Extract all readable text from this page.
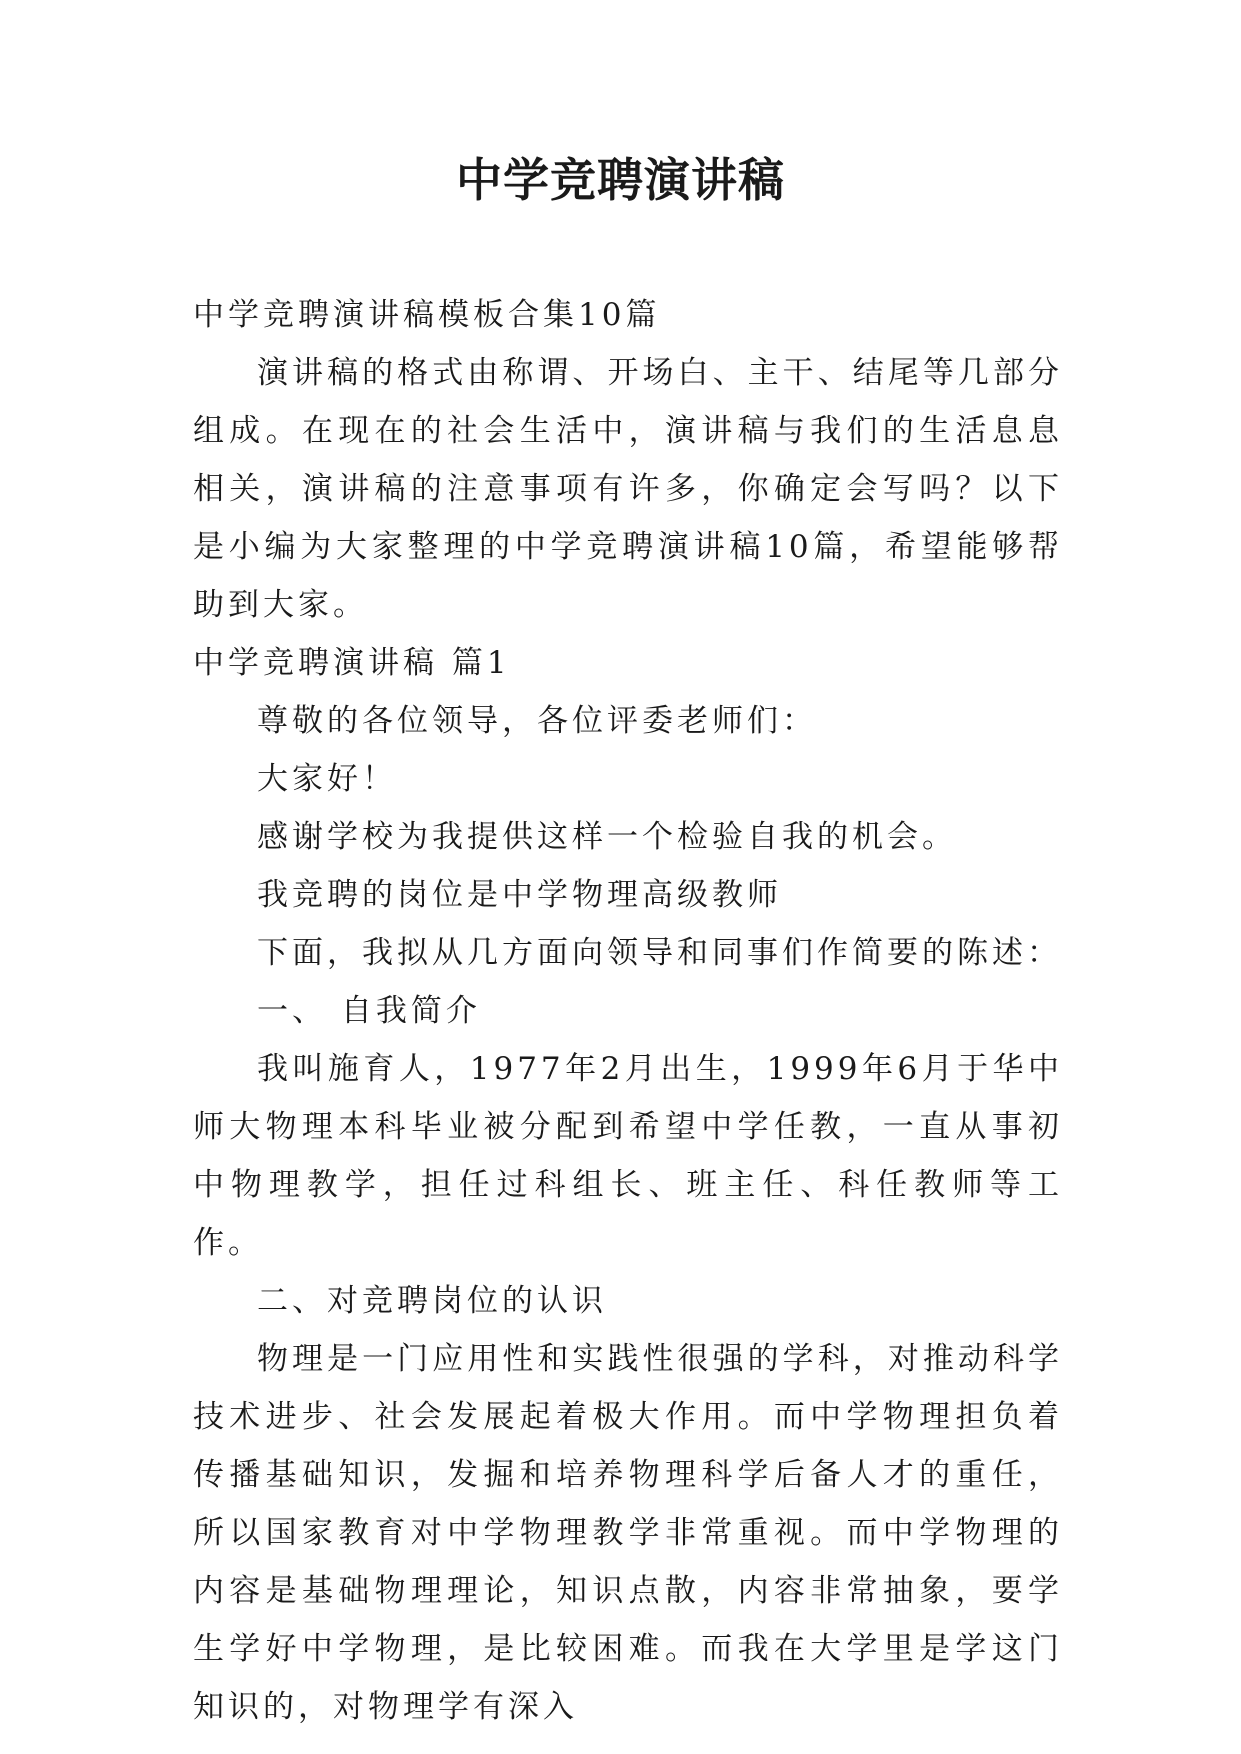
中学竞聘演讲稿

中学竞聘演讲稿模板合集10篇

演讲稿的格式由称谓、开场白、主干、结尾等几部分组成。在现在的社会生活中，演讲稿与我们的生活息息相关，演讲稿的注意事项有许多，你确定会写吗？以下是小编为大家整理的中学竞聘演讲稿10篇，希望能够帮助到大家。

中学竞聘演讲稿 篇1

尊敬的各位领导，各位评委老师们：

大家好！

感谢学校为我提供这样一个检验自我的机会。

我竞聘的岗位是中学物理高级教师

下面，我拟从几方面向领导和同事们作简要的陈述：

一、 自我简介

我叫施育人，1977年2月出生，1999年6月于华中师大物理本科毕业被分配到希望中学任教，一直从事初中物理教学，担任过科组长、班主任、科任教师等工作。

二、对竞聘岗位的认识

物理是一门应用性和实践性很强的学科，对推动科学技术进步、社会发展起着极大作用。而中学物理担负着传播基础知识，发掘和培养物理科学后备人才的重任，所以国家教育对中学物理教学非常重视。而中学物理的内容是基础物理理论，知识点散，内容非常抽象，要学生学好中学物理，是比较困难。而我在大学里是学这门知识的，对物理学有深入
